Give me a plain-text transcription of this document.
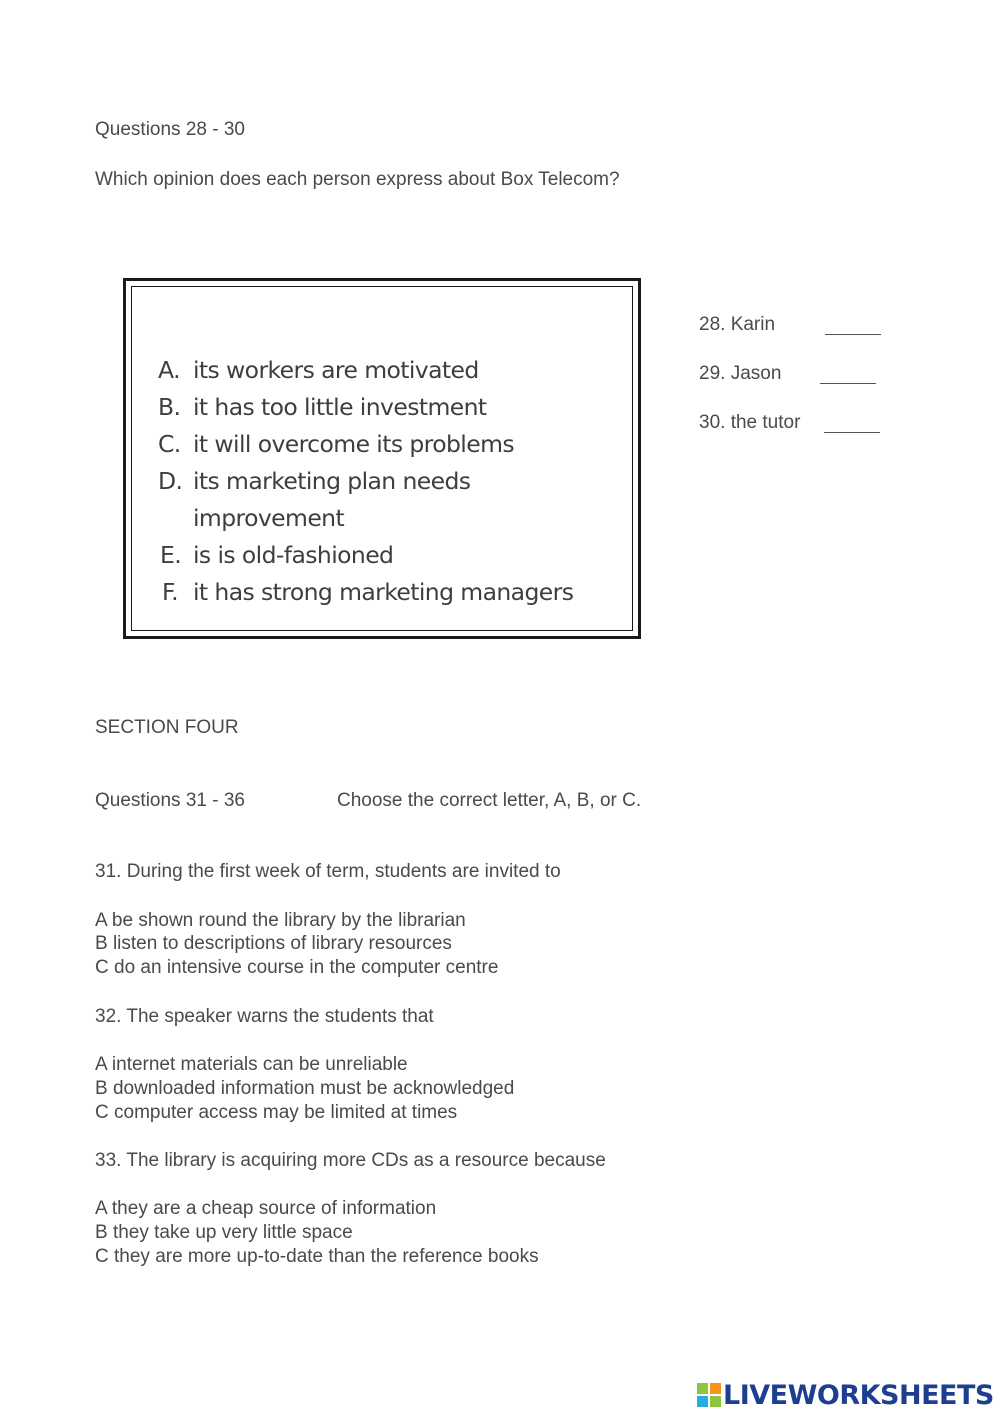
Questions 28 - 30

Which opinion does each person express about Box Telecom?

A. its workers are motivated
B. it has too little investment
C. it will overcome its problems
D. its marketing plan needs
improvement
E. is is old-fashioned
F. it has strong marketing managers

28. Karin

29. Jason

30. the tutor

SECTION FOUR

Questions 31 - 36	Choose the correct letter, A, B, or C.

31. During the first week of term, students are invited to

A be shown round the library by the librarian

B listen to descriptions of library resources

C do an intensive course in the computer centre

32. The speaker warns the students that

A internet materials can be unreliable

B downloaded information must be acknowledged

C computer access may be limited at times

33. The library is acquiring more CDs as a resource because

A they are a cheap source of information

B they take up very little space

C they are more up-to-date than the reference books

LIVEWORKSHEETS
